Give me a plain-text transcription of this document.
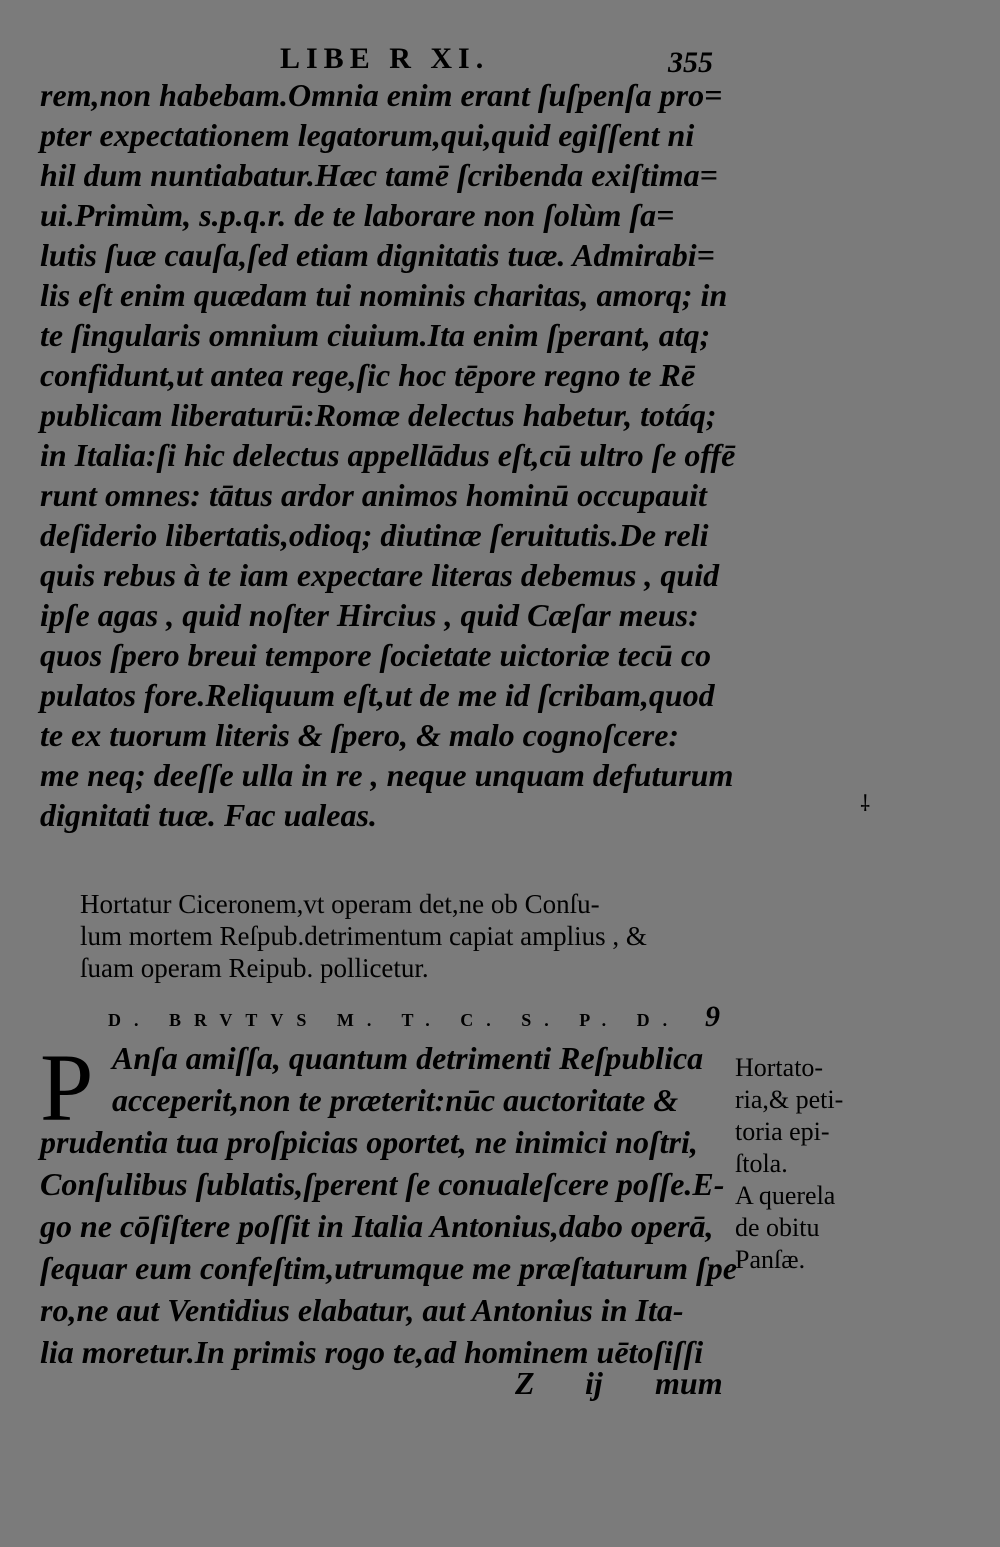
LIBE R XI.	355
rem,non habebam.Omnia enim erant ſuſpenſa pro=
pter expectationem legatorum,qui,quid egiſſent ni
hil dum nuntiabatur.Hæc tamē ſcribenda exiſtima=
ui.Primùm, s.p.q.r. de te laborare non ſolùm ſa=
lutis ſuæ cauſa,ſed etiam dignitatis tuæ. Admirabi=
lis eſt enim quædam tui nominis charitas, amorq; in
te ſingularis omnium ciuium.Ita enim ſperant, atq;
confidunt,ut antea rege,ſic hoc tēpore regno te Rē
publicam liberaturū:Romæ delectus habetur, totáq;
in Italia:ſi hic delectus appellādus eſt,cū ultro ſe offē
runt omnes: tātus ardor animos hominū occupauit
deſiderio libertatis,odioq; diutinæ ſeruitutis.De reli
quis rebus à te iam expectare literas debemus , quid
ipſe agas , quid noſter Hircius , quid Cæſar meus:
quos ſpero breui tempore ſocietate uictoriæ tecū co
pulatos fore.Reliquum eſt,ut de me id ſcribam,quod
te ex tuorum literis & ſpero, & malo cognoſcere:
me neq; deeſſe ulla in re , neque unquam defuturum
dignitati tuæ. Fac ualeas.	⸸
Hortatur Ciceronem,vt operam det,ne ob Conſu-
lum mortem Reſpub.detrimentum capiat amplius , &
ſuam operam Reipub. pollicetur.
D. BRVTVS M. T. C. S. P. D. 9
P Anſa amiſſa, quantum detrimenti Reſpublica
acceperit,non te præterit:nūc auctoritate &
prudentia tua proſpicias oportet, ne inimici noſtri,
Conſulibus ſublatis,ſperent ſe conualeſcere poſſe.E-
go ne cōſiſtere poſſit in Italia Antonius,dabo operā,
ſequar eum confeſtim,utrumque me præſtaturum ſpe
ro,ne aut Ventidius elabatur, aut Antonius in Ita-
lia moretur.In primis rogo te,ad hominem uētoſiſſi
Hortato-
ria,& peti-
toria epi-
ſtola.
A querela
de obitu
Panſæ.
Z ij mum
